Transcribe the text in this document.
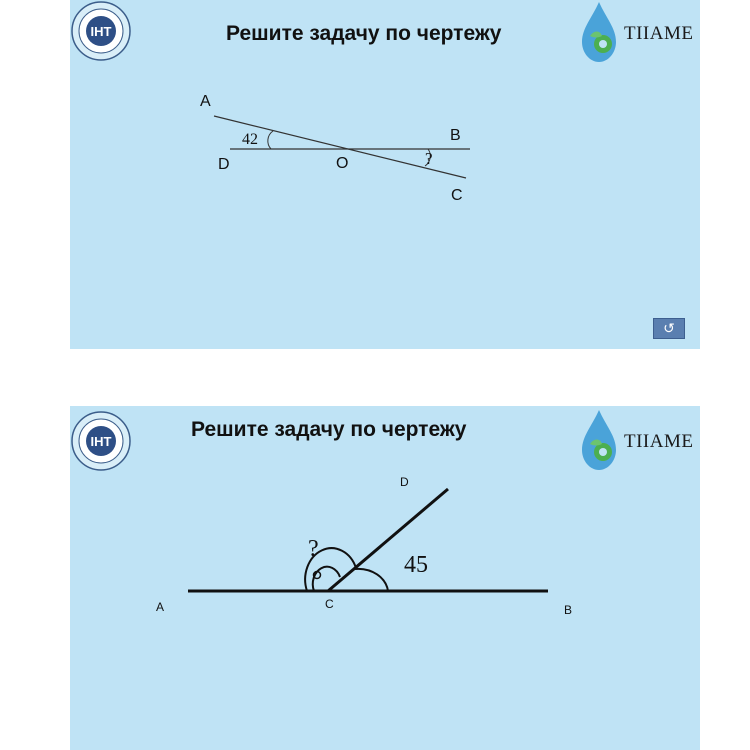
IHT	Решите задачу по чертежу	TIIAME
A
B
C
D	O
42
?
↺
IHT
Решите задачу по чертежу
TIIAME
A	B
C
D
45
?
